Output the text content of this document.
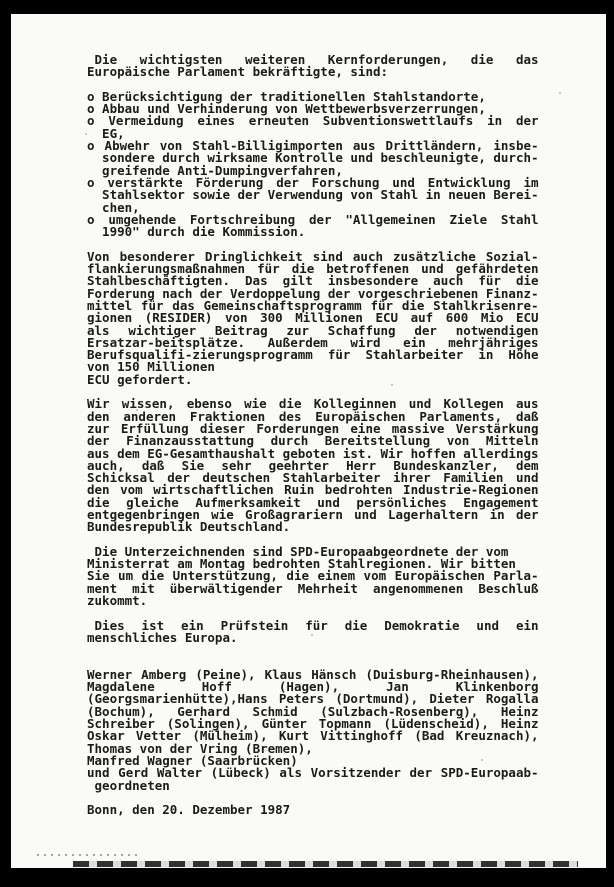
Die wichtigsten weiteren Kernforderungen, die das
Europäische Parlament bekräftigte, sind:
o Berücksichtigung der traditionellen Stahlstandorte,
o Abbau und Verhinderung von Wettbewerbsverzerrungen,
o Vermeidung eines erneuten Subventionswettlaufs in der
EG,
o Abwehr von Stahl-Billigimporten aus Drittländern, insbe-
sondere durch wirksame Kontrolle und beschleunigte, durch-
greifende Anti-Dumpingverfahren,
o verstärkte Förderung der Forschung und Entwicklung im
Stahlsektor sowie der Verwendung von Stahl in neuen Berei-
chen,
o umgehende Fortschreibung der "Allgemeinen Ziele Stahl
1990" durch die Kommission.
Von besonderer Dringlichkeit sind auch zusätzliche Sozial-
flankierungsmaßnahmen für die betroffenen und gefährdeten
Stahlbeschäftigten. Das gilt insbesondere auch für die
Forderung nach der Verdoppelung der vorgeschriebenen Finanz-
mittel für das Gemeinschaftsprogramm für die Stahlkrisenre-
gionen (RESIDER) von 300 Millionen ECU auf 600 Mio ECU
als wichtiger Beitrag zur Schaffung der notwendigen
Ersatzar-beitsplätze. Außerdem wird ein mehrjähriges
Berufsqualifi-zierungsprogramm für Stahlarbeiter in Höhe
von 150 Millionen
ECU gefordert.
Wir wissen, ebenso wie die Kolleginnen und Kollegen aus
den anderen Fraktionen des Europäischen Parlaments, daß
zur Erfüllung dieser Forderungen eine massive Verstärkung
der Finanzausstattung durch Bereitstellung von Mitteln
aus dem EG-Gesamthaushalt geboten ist. Wir hoffen allerdings
auch, daß Sie sehr geehrter Herr Bundeskanzler, dem
Schicksal der deutschen Stahlarbeiter ihrer Familien und
den vom wirtschaftlichen Ruin bedrohten Industrie-Regionen
die gleiche Aufmerksamkeit und persönliches Engagement
entgegenbringen wie Großagrariern und Lagerhaltern in der
Bundesrepublik Deutschland.
Die Unterzeichnenden sind SPD-Europaabgeordnete der vom
Ministerrat am Montag bedrohten Stahlregionen. Wir bitten
Sie um die Unterstützung, die einem vom Europäischen Parla-
ment mit überwältigender Mehrheit angenommenen Beschluß
zukommt.
Dies ist ein Prüfstein für die Demokratie und ein
menschliches Europa.
Werner Amberg (Peine), Klaus Hänsch (Duisburg-Rheinhausen),
Magdalene Hoff (Hagen), Jan Klinkenborg
(Georgsmarienhütte),Hans Peters (Dortmund), Dieter Rogalla
(Bochum), Gerhard Schmid (Sulzbach-Rosenberg), Heinz
Schreiber (Solingen), Günter Topmann (Lüdenscheid), Heinz
Oskar Vetter (Mülheim), Kurt Vittinghoff (Bad Kreuznach),
Thomas von der Vring (Bremen),
Manfred Wagner (Saarbrücken)
und Gerd Walter (Lübeck) als Vorsitzender der SPD-Europaab-
geordneten
Bonn, den 20. Dezember 1987
